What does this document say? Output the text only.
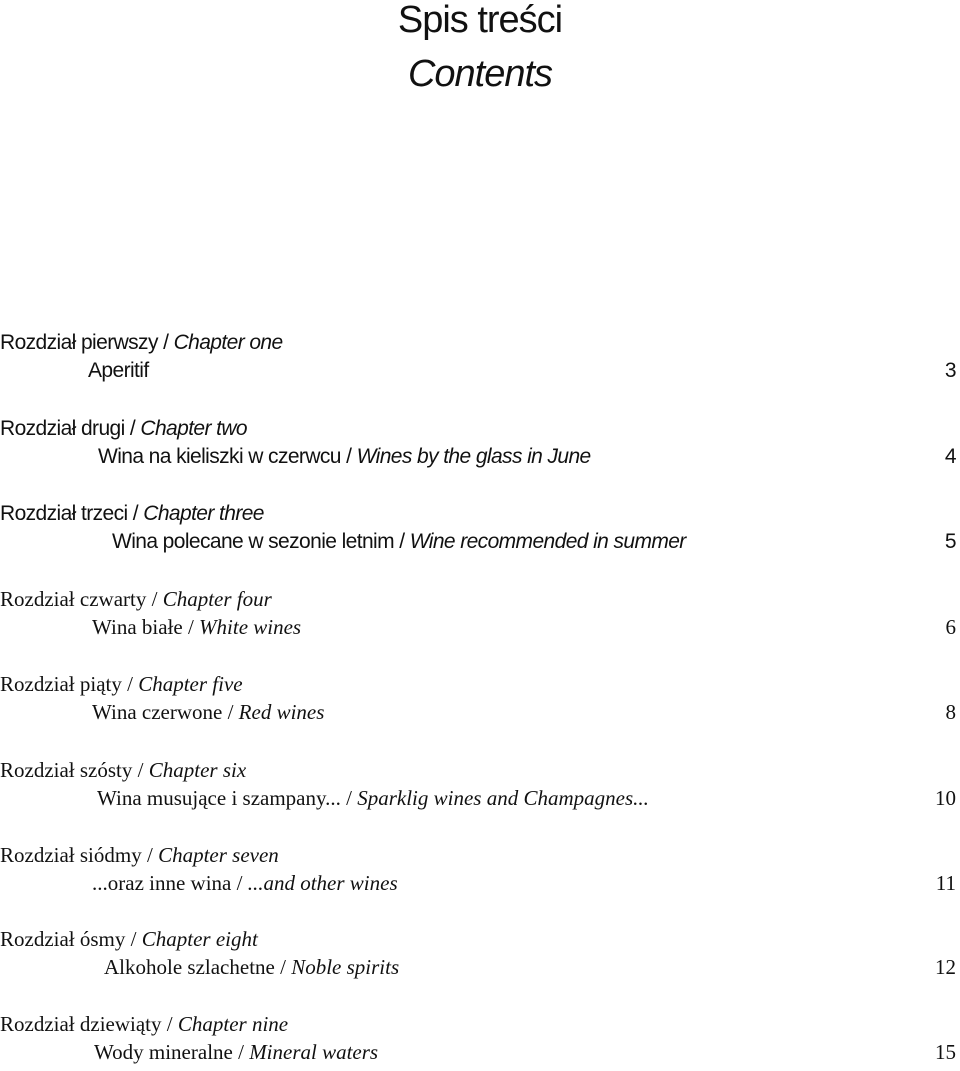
Spis treści
Contents
Rozdział pierwszy / Chapter one
Aperitif	3
Rozdział drugi / Chapter two
Wina na kieliszki w czerwcu / Wines by the glass in June	4
Rozdział trzeci / Chapter three
Wina polecane w sezonie letnim / Wine recommended in summer	5
Rozdział czwarty / Chapter four
Wina białe / White wines	6
Rozdział piąty / Chapter five
Wina czerwone / Red wines	8
Rozdział szósty / Chapter six
Wina musujące i szampany... / Sparklig wines and Champagnes...	10
Rozdział siódmy / Chapter seven
...oraz inne wina / ...and other wines	11
Rozdział ósmy / Chapter eight
Alkohole szlachetne / Noble spirits	12
Rozdział dziewiąty / Chapter nine
Wody mineralne / Mineral waters	15
